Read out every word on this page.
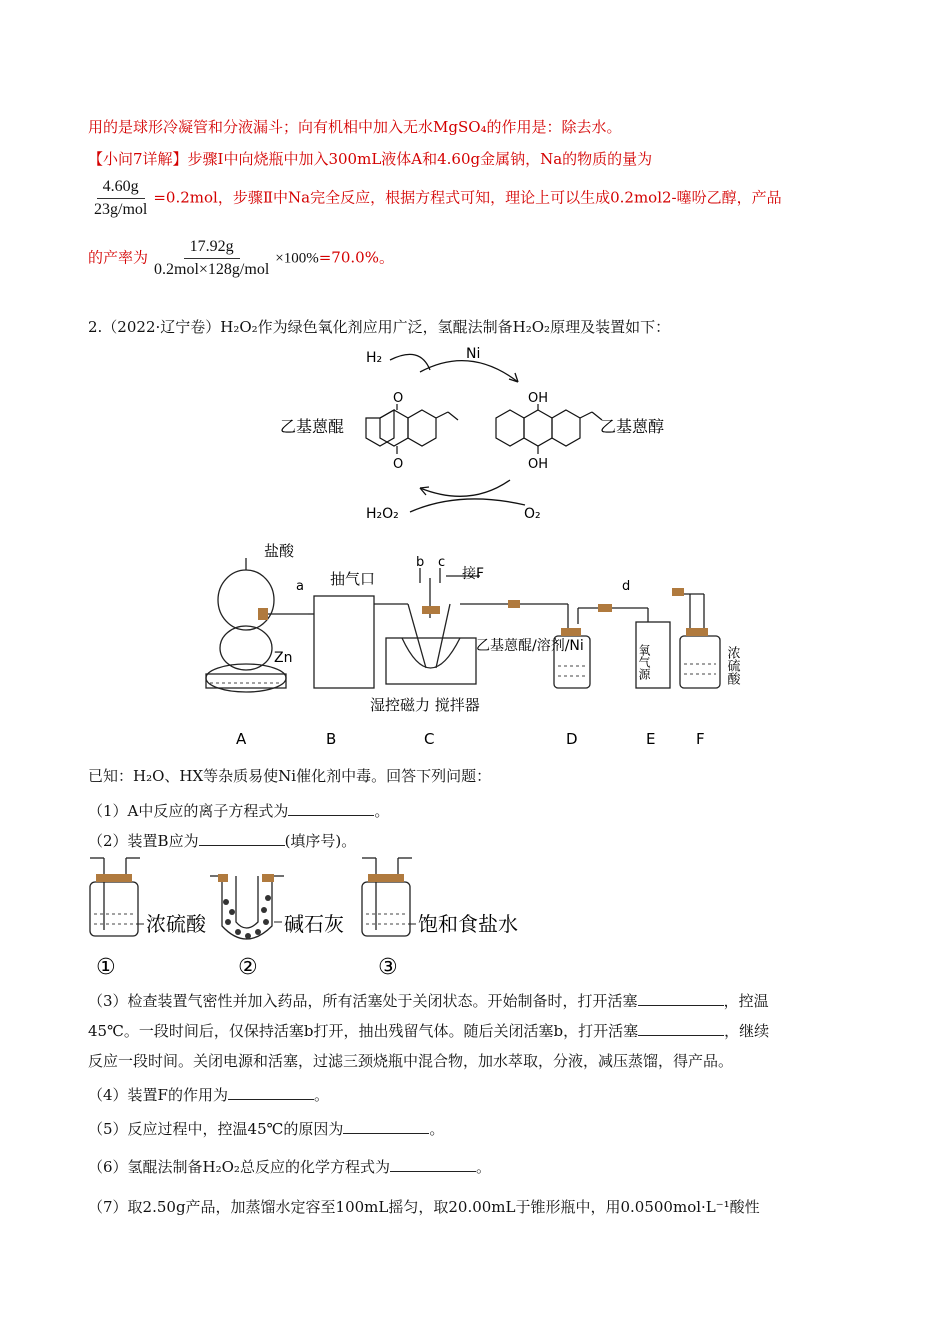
用的是球形冷凝管和分液漏斗；向有机相中加入无水MgSO₄的作用是：除去水。
【小问7详解】步骤Ⅰ中向烧瓶中加入300mL液体A和4.60g金属钠，Na的物质的量为
$\frac{4.60g}{\text{23g/mol}} =0.2mol$，步骤Ⅱ中Na完全反应，根据方程式可知，理论上可以生成0.2mol2-噻吩乙醇，产品
的产率为 $\frac{17.92g}{\text{0.2mol×128g/mol}} \times 100\%=70.0\%$。
2.（2022·辽宁卷）H₂O₂作为绿色氧化剂应用广泛，氢醌法制备H₂O₂原理及装置如下：
H₂	Ni
乙基蒽醌
O
O
OH
OH
乙基蒽醇
H₂O₂	O₂
盐酸
Zn
a 抽气口
b c
接F
乙基蒽醌/溶剂/Ni
湿控磁力 搅拌器
d
氧气源	浓硫酸
A	B	C	D	E	F
已知：H₂O、HX等杂质易使Ni催化剂中毒。回答下列问题：
（1）A中反应的离子方程式为	。
（2）装置B应为	(填序号)。
浓硫酸	碱石灰	饱和食盐水
①	②	③
（3）检查装置气密性并加入药品，所有活塞处于关闭状态。开始制备时，打开活塞	，控温
45℃。一段时间后，仅保持活塞b打开，抽出残留气体。随后关闭活塞b，打开活塞	，继续
反应一段时间。关闭电源和活塞，过滤三颈烧瓶中混合物，加水萃取，分液，减压蒸馏，得产品。
（4）装置F的作用为	。
（5）反应过程中，控温45℃的原因为	。
（6）氢醌法制备H₂O₂总反应的化学方程式为	。
（7）取2.50g产品，加蒸馏水定容至100mL摇匀，取20.00mL于锥形瓶中，用0.0500mol·L⁻¹酸性
